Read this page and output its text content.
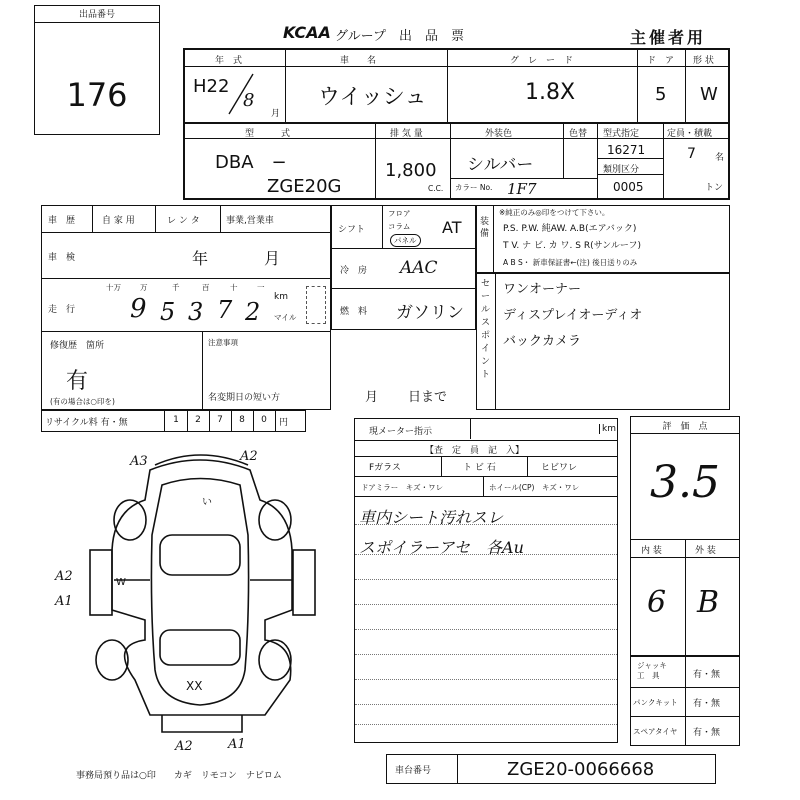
出品番号
176
KCAA グループ　出　品　票	主催者用
年　式
H22
8
月
車　　名
ウイッシュ
グ　レ　ー　ド
1.8X
ド　ア
5
形 状
W
型　　　式
DBA　−
ZGE20G
排 気 量
1,800
C.C.
外装色	色替
シルバー
カラー No. 1F7
型式指定
16271
類別区分
0005
定員・積載
7 名
トン
車　歴	自 家 用	レ ン タ	事業,営業車
車　検	年	月
走　行
十万	万	千	百	十	一
9 5 3 7 2
km
マイル
修復歴　箇所
有
(有の場合は○印を)
注意事項
名変期日の短い方	月 日まで
シフト
フロア
コラム
パネル
AT
冷　房 AAC
燃　料 ガソリン
装備
※純正のみ◎印をつけて下さい。
P.S. P.W. 純AW. A.B(エアバック)
T V. ナ ビ. カ ワ. S R(サンルーフ)
A B S・ 新車保証書←(注) 後日送りのみ
セールスポイント
ワンオーナー
ディスプレイオーディオ
バックカメラ
リサイクル料 有・無	1	2	7	8	0	円
A3	A2
A2
A1
A2	A1
XX
い
W
現メーター指示	km
【査　定　員　記　入】
Fガラス	ト ビ 石	ヒビワレ
ドアミラー　キズ・ワレ	ホイール(CP)　キズ・ワレ
車内シート汚れスレ
スポイラーアセ　各Au
評　価　点
3.5
内 装	外 装
6 B
ジャッキ
工　具	有・無
パンクキット 有・無
スペアタイヤ 有・無
事務局預り品は○印　　カギ　リモコン　ナビロム	車台番号	ZGE20-0066668
